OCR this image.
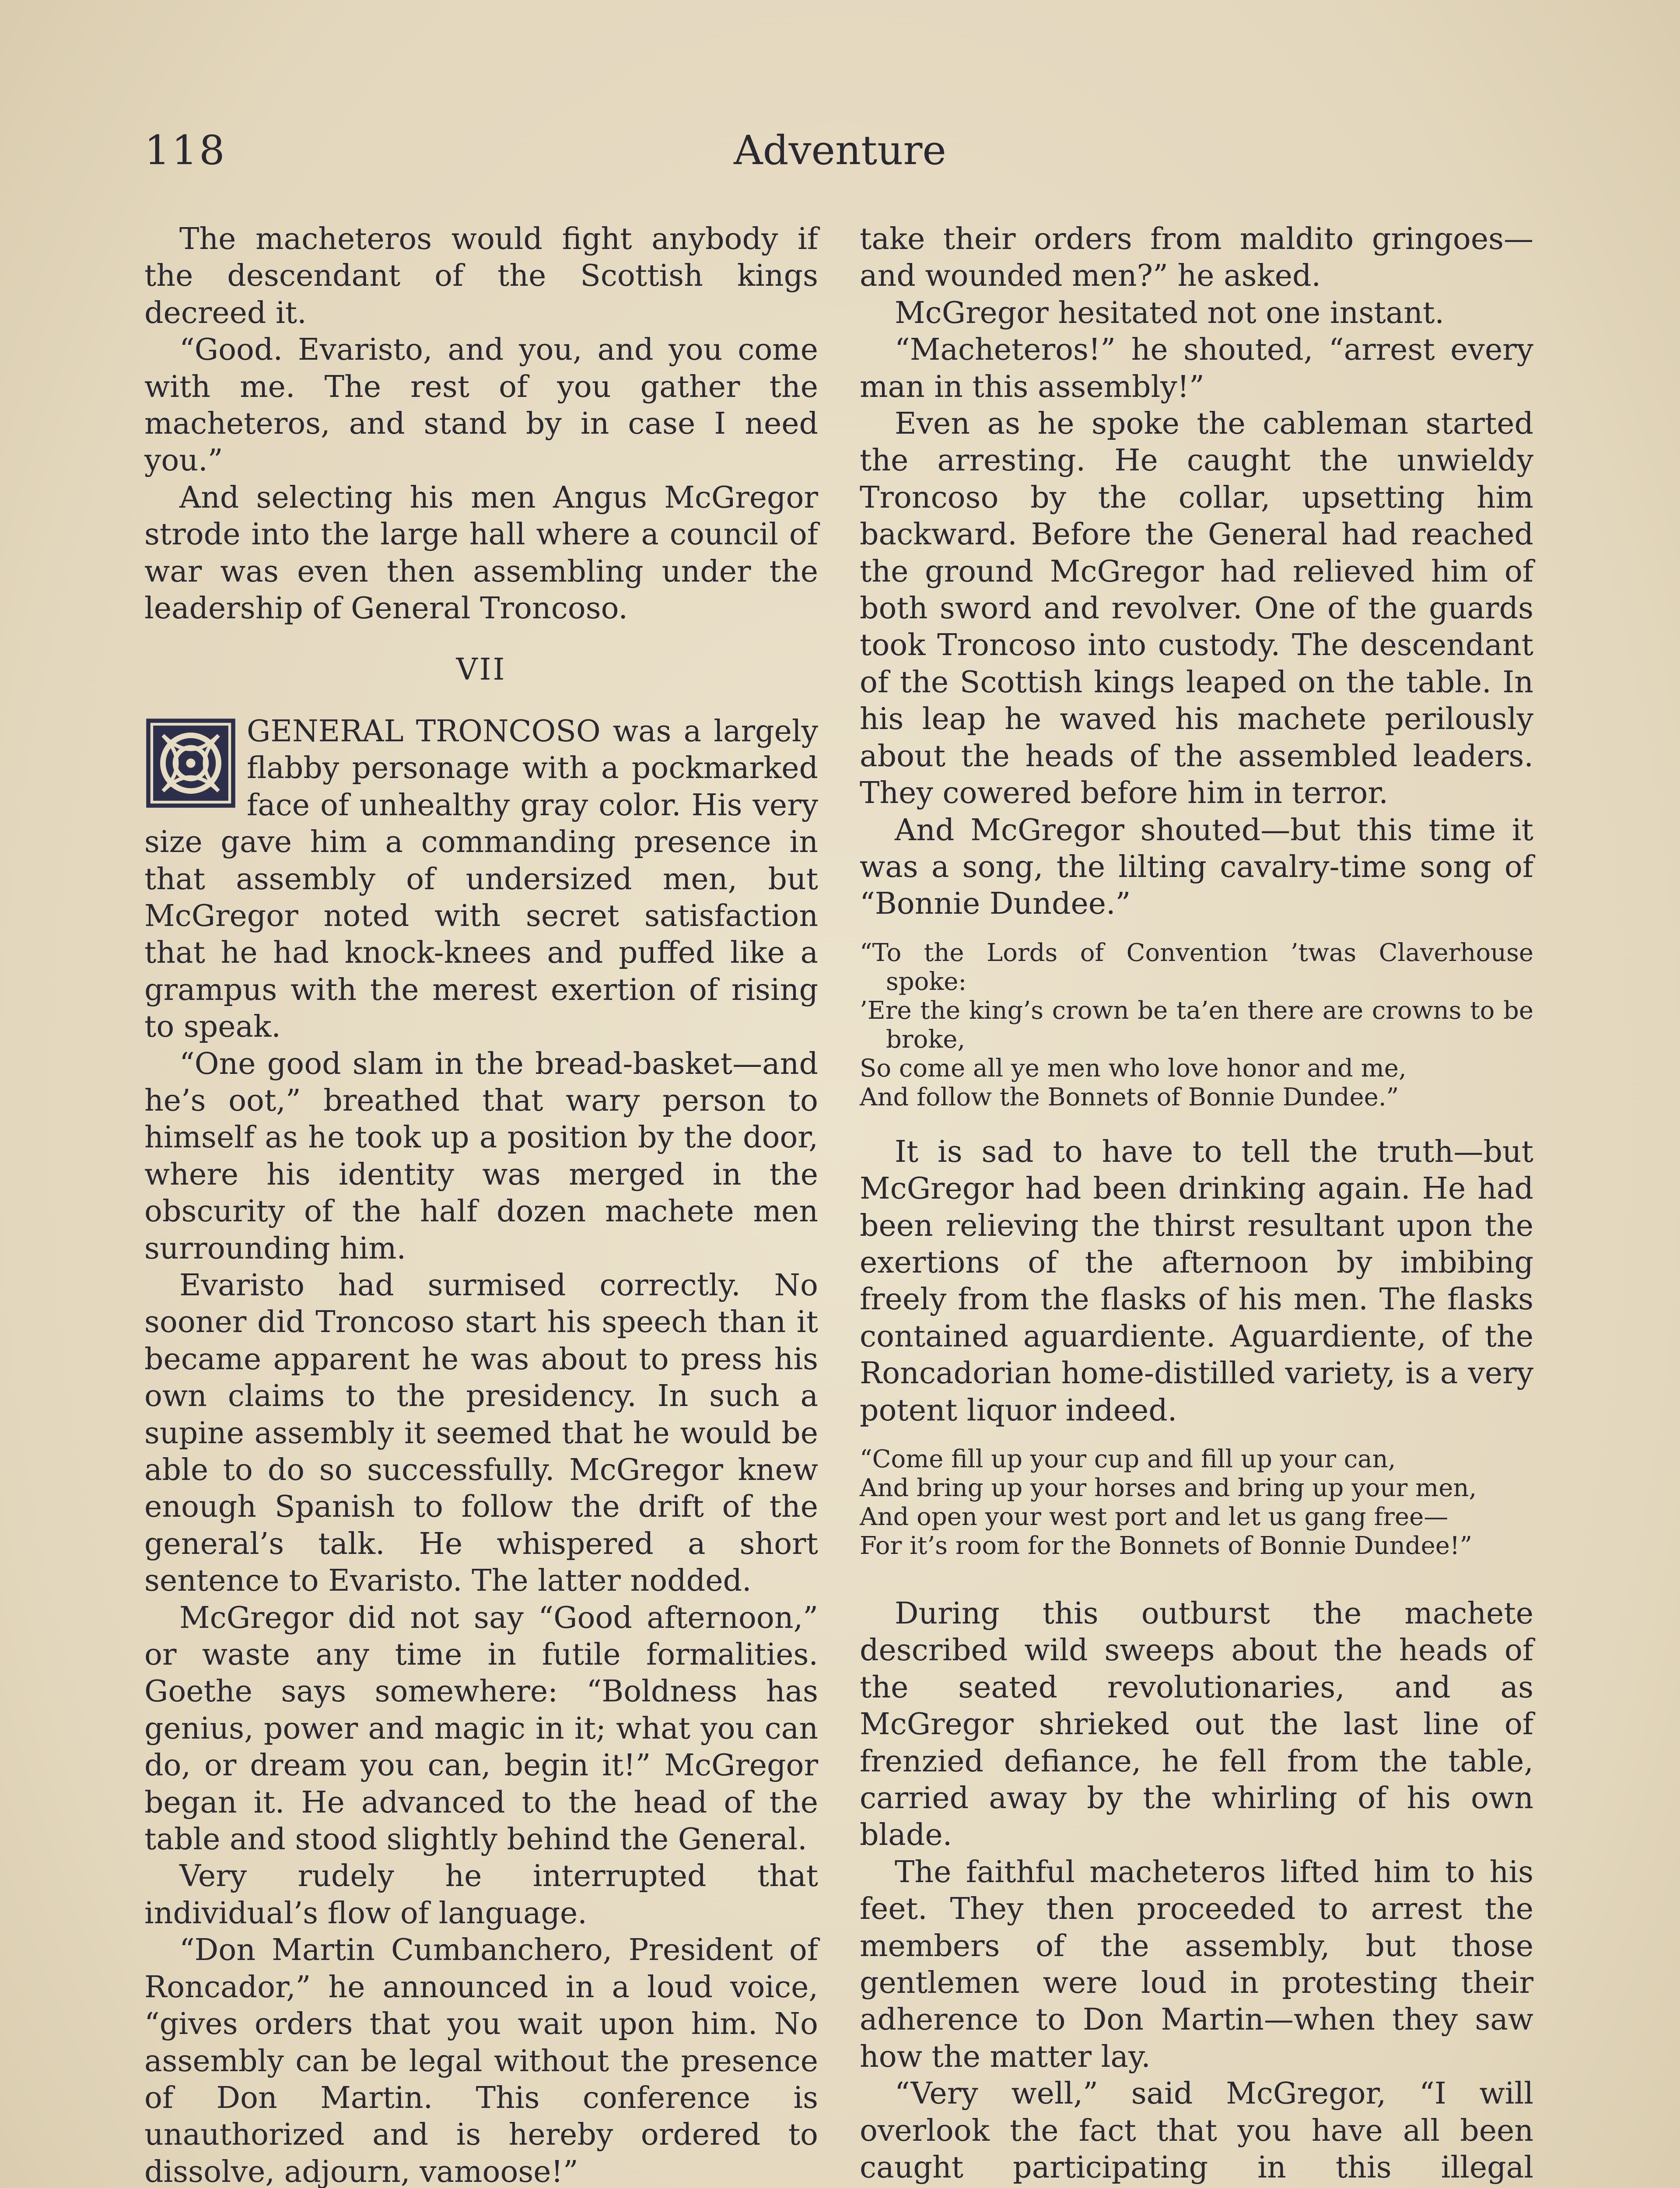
118	Adventure

The macheteros would fight anybody if the descendant of the Scottish kings decreed it.

“Good. Evaristo, and you, and you come with me. The rest of you gather the macheteros, and stand by in case I need you.”

And selecting his men Angus McGregor strode into the large hall where a council of war was even then assembling under the leadership of General Troncoso.

VII

GENERAL TRONCOSO was a largely flabby personage with a pockmarked face of unhealthy gray color. His very size gave him a commanding presence in that assembly of undersized men, but McGregor noted with secret satisfaction that he had knock-knees and puffed like a grampus with the merest exertion of rising to speak.

“One good slam in the bread-basket—and he’s oot,” breathed that wary person to himself as he took up a position by the door, where his identity was merged in the obscurity of the half dozen machete men surrounding him.

Evaristo had surmised correctly. No sooner did Troncoso start his speech than it became apparent he was about to press his own claims to the presidency. In such a supine assembly it seemed that he would be able to do so successfully. McGregor knew enough Spanish to follow the drift of the general’s talk. He whispered a short sentence to Evaristo. The latter nodded.

McGregor did not say “Good afternoon,” or waste any time in futile formalities. Goethe says somewhere: “Boldness has genius, power and magic in it; what you can do, or dream you can, begin it!” McGregor began it. He advanced to the head of the table and stood slightly behind the General.

Very rudely he interrupted that individual’s flow of language.

“Don Martin Cumbanchero, President of Roncador,” he announced in a loud voice, “gives orders that you wait upon him. No assembly can be legal without the presence of Don Martin. This conference is unauthorized and is hereby ordered to dissolve, adjourn, vamoose!”

take their orders from maldito gringoes—and wounded men?” he asked.

McGregor hesitated not one instant.

“Macheteros!” he shouted, “arrest every man in this assembly!”

Even as he spoke the cableman started the arresting. He caught the unwieldy Troncoso by the collar, upsetting him backward. Before the General had reached the ground McGregor had relieved him of both sword and revolver. One of the guards took Troncoso into custody. The descendant of the Scottish kings leaped on the table. In his leap he waved his machete perilously about the heads of the assembled leaders. They cowered before him in terror.

And McGregor shouted—but this time it was a song, the lilting cavalry-time song of “Bonnie Dundee.”

“To the Lords of Convention ’twas Claverhouse spoke:
’Ere the king’s crown be ta’en there are crowns to be broke,
So come all ye men who love honor and me,
And follow the Bonnets of Bonnie Dundee.”

It is sad to have to tell the truth—but McGregor had been drinking again. He had been relieving the thirst resultant upon the exertions of the afternoon by imbibing freely from the flasks of his men. The flasks contained aguardiente. Aguardiente, of the Roncadorian home-distilled variety, is a very potent liquor indeed.

“Come fill up your cup and fill up your can,
And bring up your horses and bring up your men,
And open your west port and let us gang free—
For it’s room for the Bonnets of Bonnie Dundee!”

During this outburst the machete described wild sweeps about the heads of the seated revolutionaries, and as McGregor shrieked out the last line of frenzied defiance, he fell from the table, carried away by the whirling of his own blade.

The faithful macheteros lifted him to his feet. They then proceeded to arrest the members of the assembly, but those gentlemen were loud in protesting their adherence to Don Martin—when they saw how the matter lay.

“Very well,” said McGregor, “I will overlook the fact that you have all been caught participating in this illegal
